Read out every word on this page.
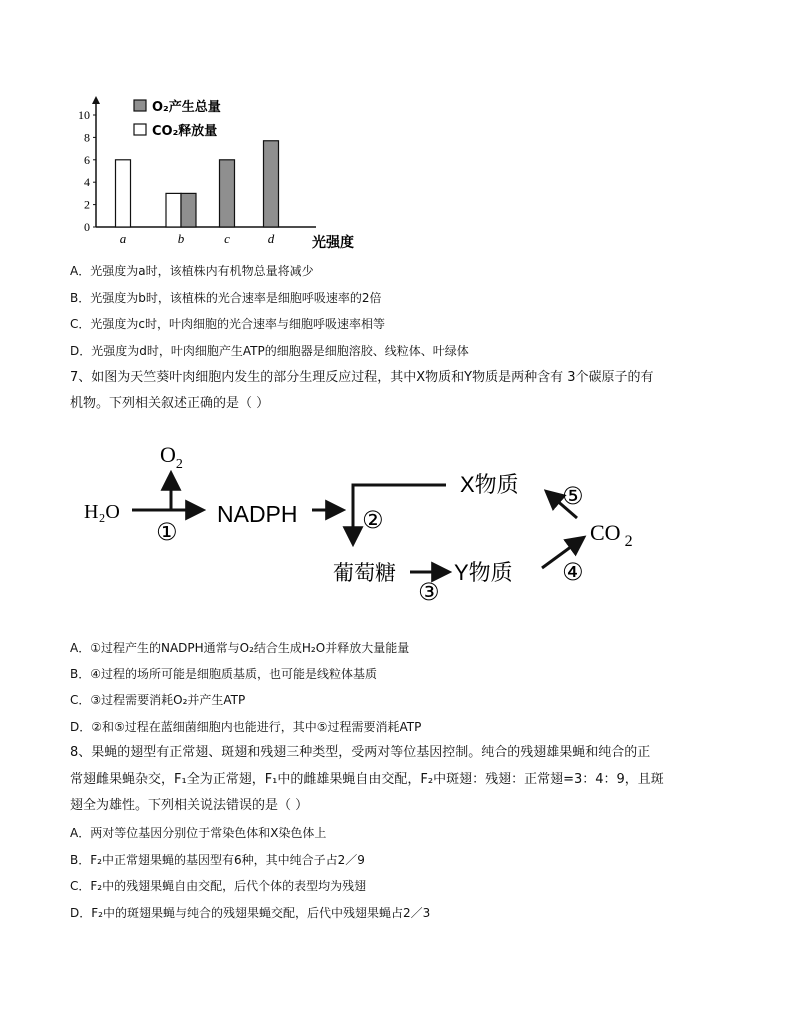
10
8
6
4
2
0
a	b	c	d	光强度
O₂产生总量
CO₂释放量
A．光强度为a时，该植株内有机物总量将减少
B．光强度为b时，该植株的光合速率是细胞呼吸速率的2倍
C．光强度为c时，叶肉细胞的光合速率与细胞呼吸速率相等
D．光强度为d时，叶肉细胞产生ATP的细胞器是细胞溶胶、线粒体、叶绿体
7、如图为天竺葵叶肉细胞内发生的部分生理反应过程，其中X物质和Y物质是两种含有 3个碳原子的有
机物。下列相关叙述正确的是（ ）
$O_2$
H₂O
①
NADPH	②
X物质
CO $_2$
⑤
葡萄糖
③
Y物质 ④
A．①过程产生的NADPH通常与O₂结合生成H₂O并释放大量能量
B．④过程的场所可能是细胞质基质，也可能是线粒体基质
C．③过程需要消耗O₂并产生ATP
D．②和⑤过程在蓝细菌细胞内也能进行，其中⑤过程需要消耗ATP
8、果蝇的翅型有正常翅、斑翅和残翅三种类型，受两对等位基因控制。纯合的残翅雄果蝇和纯合的正
常翅雌果蝇杂交，F₁全为正常翅，F₁中的雌雄果蝇自由交配，F₂中斑翅：残翅：正常翅=3：4：9，且斑
翅全为雄性。下列相关说法错误的是（ ）
A．两对等位基因分别位于常染色体和X染色体上
B．F₂中正常翅果蝇的基因型有6种，其中纯合子占2／9
C．F₂中的残翅果蝇自由交配，后代个体的表型均为残翅
D．F₂中的斑翅果蝇与纯合的残翅果蝇交配，后代中残翅果蝇占2／3
